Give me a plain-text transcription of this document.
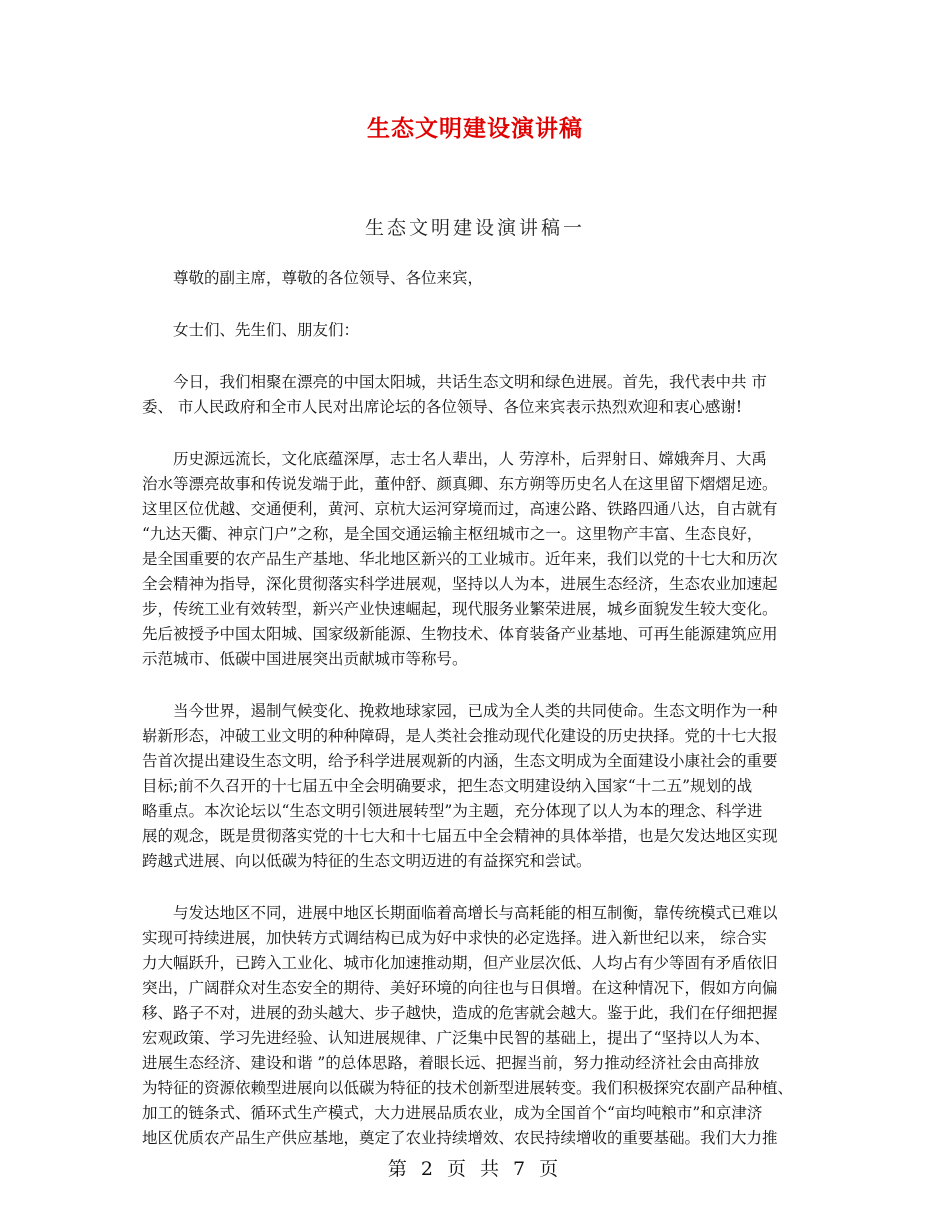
生态文明建设演讲稿
生态文明建设演讲稿一
尊敬的副主席，尊敬的各位领导、各位来宾，
女士们、先生们、朋友们：
今日，我们相聚在漂亮的中国太阳城，共话生态文明和绿色进展。首先，我代表中共 市
委、 市人民政府和全市人民对出席论坛的各位领导、各位来宾表示热烈欢迎和衷心感谢!
历史源远流长，文化底蕴深厚，志士名人辈出，人 劳淳朴，后羿射日、嫦娥奔月、大禹
治水等漂亮故事和传说发端于此，董仲舒、颜真卿、东方朔等历史名人在这里留下熠熠足迹。
这里区位优越、交通便利，黄河、京杭大运河穿境而过，高速公路、铁路四通八达，自古就有
“九达天衢、神京门户”之称，是全国交通运输主枢纽城市之一。这里物产丰富、生态良好，
是全国重要的农产品生产基地、华北地区新兴的工业城市。近年来，我们以党的十七大和历次
全会精神为指导，深化贯彻落实科学进展观，坚持以人为本，进展生态经济，生态农业加速起
步，传统工业有效转型，新兴产业快速崛起，现代服务业繁荣进展，城乡面貌发生较大变化。
先后被授予中国太阳城、国家级新能源、生物技术、体育装备产业基地、可再生能源建筑应用
示范城市、低碳中国进展突出贡献城市等称号。
当今世界，遏制气候变化、挽救地球家园，已成为全人类的共同使命。生态文明作为一种
崭新形态，冲破工业文明的种种障碍，是人类社会推动现代化建设的历史抉择。党的十七大报
告首次提出建设生态文明，给予科学进展观新的内涵，生态文明成为全面建设小康社会的重要
目标;前不久召开的十七届五中全会明确要求，把生态文明建设纳入国家“十二五”规划的战
略重点。本次论坛以“生态文明引领进展转型”为主题，充分体现了以人为本的理念、科学进
展的观念，既是贯彻落实党的十七大和十七届五中全会精神的具体举措，也是欠发达地区实现
跨越式进展、向以低碳为特征的生态文明迈进的有益探究和尝试。
与发达地区不同，进展中地区长期面临着高增长与高耗能的相互制衡，靠传统模式已难以
实现可持续进展，加快转方式调结构已成为好中求快的必定选择。进入新世纪以来， 综合实
力大幅跃升，已跨入工业化、城市化加速推动期，但产业层次低、人均占有少等固有矛盾依旧
突出，广阔群众对生态安全的期待、美好环境的向往也与日俱增。在这种情况下，假如方向偏
移、路子不对，进展的劲头越大、步子越快，造成的危害就会越大。鉴于此，我们在仔细把握
宏观政策、学习先进经验、认知进展规律、广泛集中民智的基础上，提出了“坚持以人为本、
进展生态经济、建设和谐 ”的总体思路，着眼长远、把握当前，努力推动经济社会由高排放
为特征的资源依赖型进展向以低碳为特征的技术创新型进展转变。我们积极探究农副产品种植、
加工的链条式、循环式生产模式，大力进展品质农业，成为全国首个“亩均吨粮市”和京津济
地区优质农产品生产供应基地，奠定了农业持续增效、农民持续增收的重要基础。我们大力推
第 2 页 共 7 页
